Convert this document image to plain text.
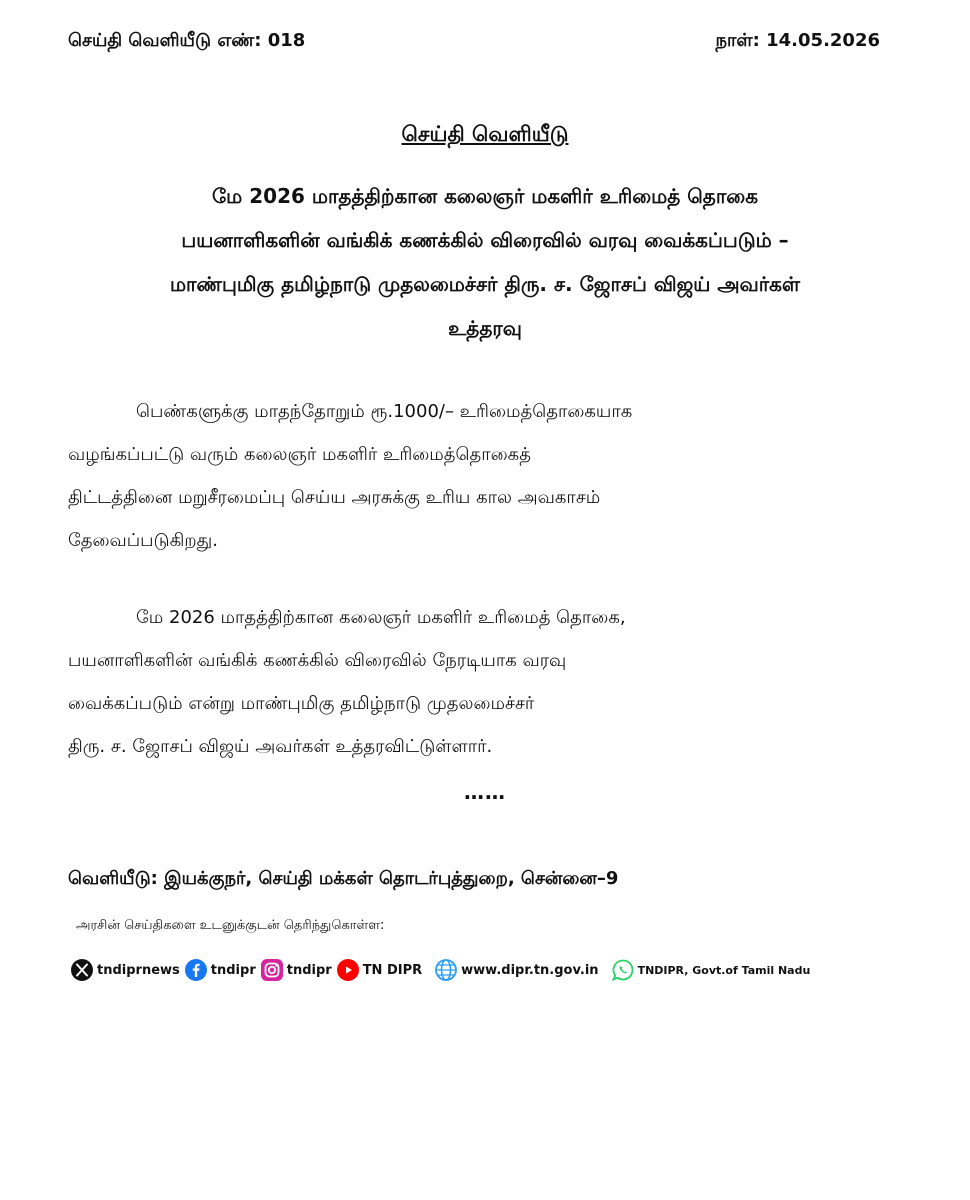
செய்தி வெளியீடு எண்: 018	நாள்: 14.05.2026
செய்தி வெளியீடு
மே 2026 மாதத்திற்கான கலைஞர் மகளிர் உரிமைத் தொகை
பயனாளிகளின் வங்கிக் கணக்கில் விரைவில் வரவு வைக்கப்படும் –
மாண்புமிகு தமிழ்நாடு முதலமைச்சர் திரு. ச. ஜோசப் விஜய் அவர்கள்
உத்தரவு
பெண்களுக்கு மாதந்தோறும் ரூ.1000/– உரிமைத்தொகையாக
வழங்கப்பட்டு வரும் கலைஞர் மகளிர் உரிமைத்தொகைத்
திட்டத்தினை மறுசீரமைப்பு செய்ய அரசுக்கு உரிய கால அவகாசம்
தேவைப்படுகிறது.
மே 2026 மாதத்திற்கான கலைஞர் மகளிர் உரிமைத் தொகை,
பயனாளிகளின் வங்கிக் கணக்கில் விரைவில் நேரடியாக வரவு
வைக்கப்படும் என்று மாண்புமிகு தமிழ்நாடு முதலமைச்சர்
திரு. ச. ஜோசப் விஜய் அவர்கள் உத்தரவிட்டுள்ளார்.
……
வெளியீடு: இயக்குநர், செய்தி மக்கள் தொடர்புத்துறை, சென்னை–9
அரசின் செய்திகளை உடனுக்குடன் தெரிந்துகொள்ள:
tndiprnews tndipr tndipr TN DIPR	www.dipr.tn.gov.in	TNDIPR, Govt.of Tamil Nadu
